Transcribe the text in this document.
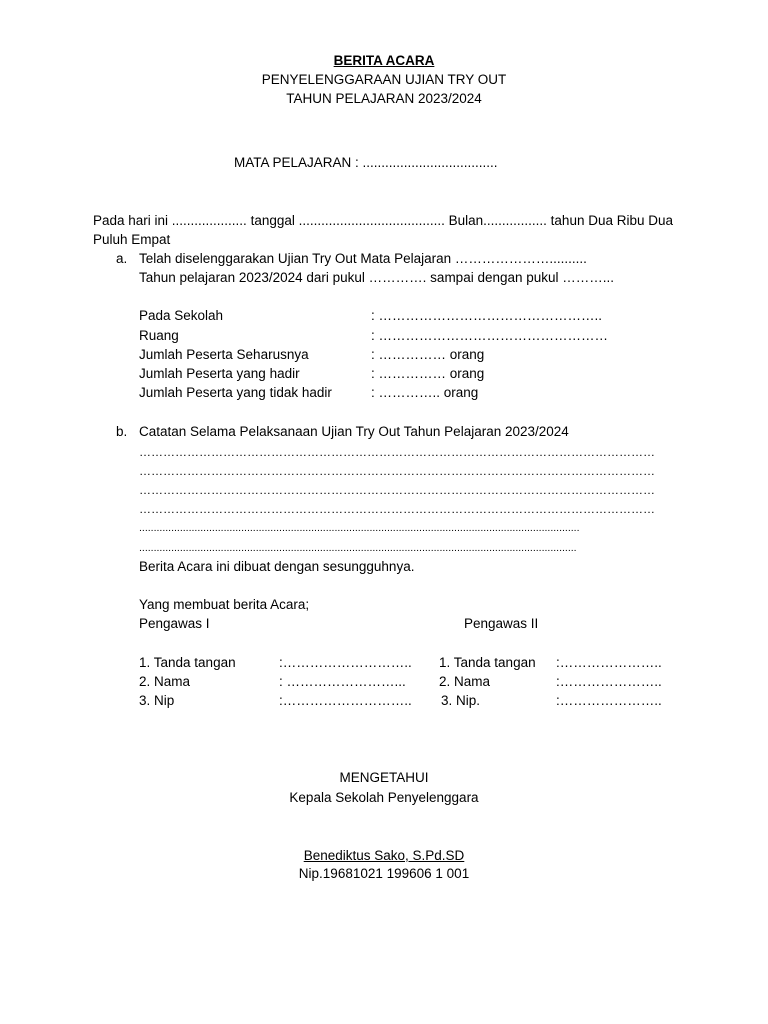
BERITA ACARA
PENYELENGGARAAN UJIAN TRY OUT
TAHUN PELAJARAN 2023/2024
MATA PELAJARAN : ....................................
Pada hari ini .................... tanggal ....................................... Bulan................. tahun Dua Ribu Dua
Puluh Empat
a. Telah diselenggarakan Ujian Try Out Mata Pelajaran …………………..........
Tahun pelajaran 2023/2024 dari pukul …………. sampai dengan pukul ………...
Pada Sekolah	: …………………………………………..
Ruang	: ……………………………………………
Jumlah Peserta Seharusnya	: …………… orang
Jumlah Peserta yang hadir	: …………… orang
Jumlah Peserta yang tidak hadir	: ………….. orang
b. Catatan Selama Pelaksanaan Ujian Try Out Tahun Pelajaran 2023/2024
…………………………………………………………………………………………………………………
…………………………………………………………………………………………………………………
…………………………………………………………………………………………………………………
…………………………………………………………………………………………………………………
.......................................................................................................................................................
......................................................................................................................................................
Berita Acara ini dibuat dengan sesungguhnya.
Yang membuat berita Acara;
Pengawas I	Pengawas II
1. Tanda tangan	:……………………….. 1. Tanda tangan :…………………..
2. Nama	: ……………………... 2. Nama	:…………………..
3. Nip	:……………………….. 3. Nip.	:…………………..
MENGETAHUI
Kepala Sekolah Penyelenggara
Benediktus Sako, S.Pd.SD
Nip.19681021 199606 1 001
